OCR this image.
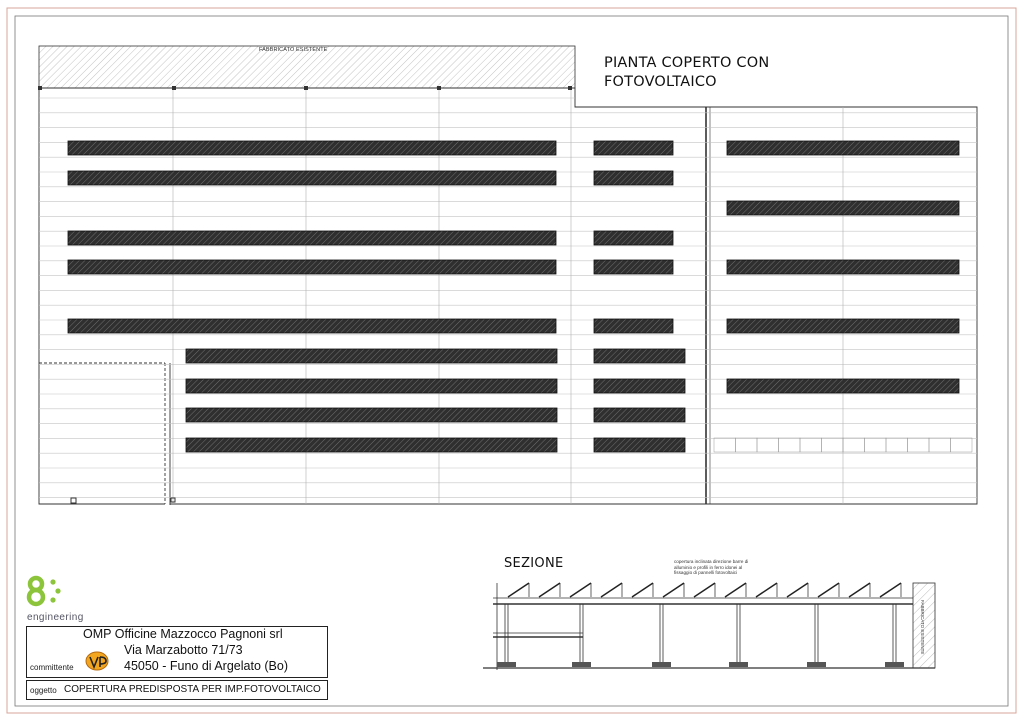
FABBRICATO ESISTENTE
PIANTA COPERTO CON
FOTOVOLTAICO
SEZIONE	copertura inclinata direzione barre di alluminio e profili in ferro idonei al fissaggio di pannelli fotovoltaici
FABBRICATO ESISTENTE
engineering
OMP Officine Mazzocco Pagnoni srl
Via Marzabotto 71/73
45050 - Funo di Argelato (Bo)
committente
oggetto COPERTURA PREDISPOSTA PER IMP.FOTOVOLTAICO
